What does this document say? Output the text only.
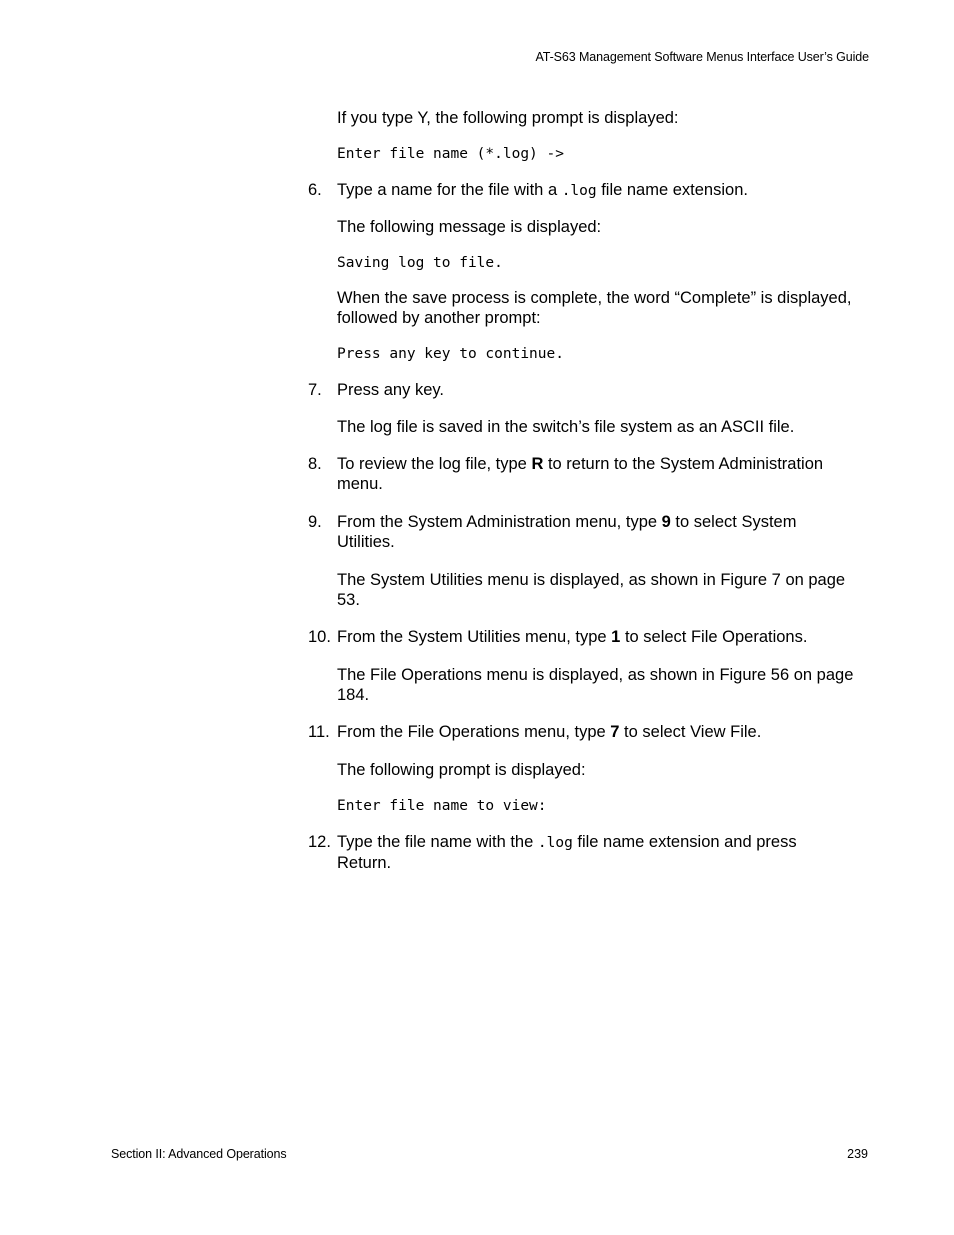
AT-S63 Management Software Menus Interface User’s Guide
If you type Y, the following prompt is displayed:
Enter file name (*.log) ->
6. Type a name for the file with a .log file name extension.
The following message is displayed:
Saving log to file.
When the save process is complete, the word “Complete” is displayed,
followed by another prompt:
Press any key to continue.
7. Press any key.
The log file is saved in the switch’s file system as an ASCII file.
8. To review the log file, type R to return to the System Administration
menu.
9. From the System Administration menu, type 9 to select System
Utilities.
The System Utilities menu is displayed, as shown in Figure 7 on page
53.
10. From the System Utilities menu, type 1 to select File Operations.
The File Operations menu is displayed, as shown in Figure 56 on page
184.
11. From the File Operations menu, type 7 to select View File.
The following prompt is displayed:
Enter file name to view:
12. Type the file name with the .log file name extension and press
Return.
Section II: Advanced Operations	239
